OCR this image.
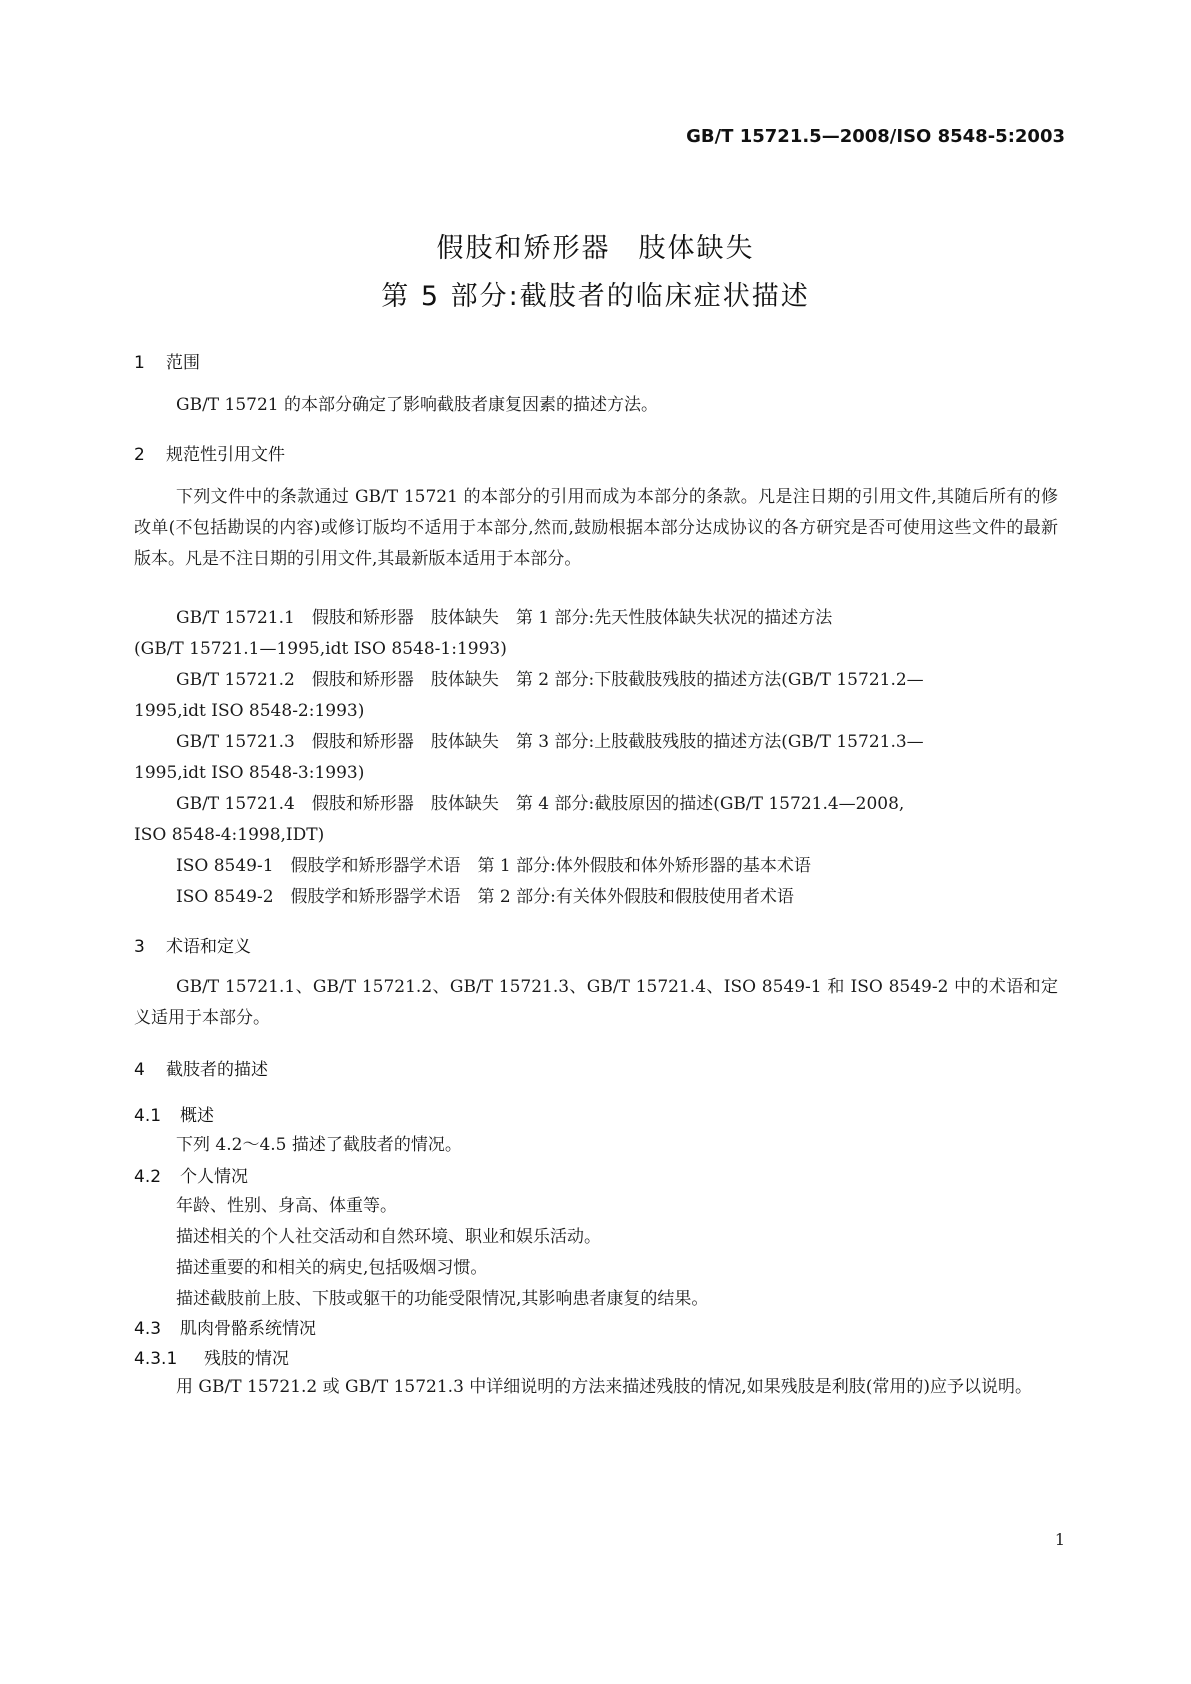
GB/T 15721.5—2008/ISO 8548-5:2003
假肢和矫形器 肢体缺失
第 5 部分:截肢者的临床症状描述
1 范围
GB/T 15721 的本部分确定了影响截肢者康复因素的描述方法。
2 规范性引用文件
下列文件中的条款通过 GB/T 15721 的本部分的引用而成为本部分的条款。凡是注日期的引用文件,其随后所有的修改单(不包括勘误的内容)或修订版均不适用于本部分,然而,鼓励根据本部分达成协议的各方研究是否可使用这些文件的最新版本。凡是不注日期的引用文件,其最新版本适用于本部分。
GB/T 15721.1　假肢和矫形器　肢体缺失　第 1 部分:先天性肢体缺失状况的描述方法
(GB/T 15721.1—1995,idt ISO 8548-1:1993)
GB/T 15721.2　假肢和矫形器　肢体缺失　第 2 部分:下肢截肢残肢的描述方法(GB/T 15721.2—
1995,idt ISO 8548-2:1993)
GB/T 15721.3　假肢和矫形器　肢体缺失　第 3 部分:上肢截肢残肢的描述方法(GB/T 15721.3—
1995,idt ISO 8548-3:1993)
GB/T 15721.4　假肢和矫形器　肢体缺失　第 4 部分:截肢原因的描述(GB/T 15721.4—2008,
ISO 8548-4:1998,IDT)
ISO 8549-1　假肢学和矫形器学术语　第 1 部分:体外假肢和体外矫形器的基本术语
ISO 8549-2　假肢学和矫形器学术语　第 2 部分:有关体外假肢和假肢使用者术语
3 术语和定义
GB/T 15721.1、GB/T 15721.2、GB/T 15721.3、GB/T 15721.4、ISO 8549-1 和 ISO 8549-2 中的术语和定义适用于本部分。
4 截肢者的描述
4.1 概述
下列 4.2～4.5 描述了截肢者的情况。
4.2 个人情况
年龄、性别、身高、体重等。
描述相关的个人社交活动和自然环境、职业和娱乐活动。
描述重要的和相关的病史,包括吸烟习惯。
描述截肢前上肢、下肢或躯干的功能受限情况,其影响患者康复的结果。
4.3 肌肉骨骼系统情况
4.3.1 残肢的情况
用 GB/T 15721.2 或 GB/T 15721.3 中详细说明的方法来描述残肢的情况,如果残肢是利肢(常用的)应予以说明。
1
